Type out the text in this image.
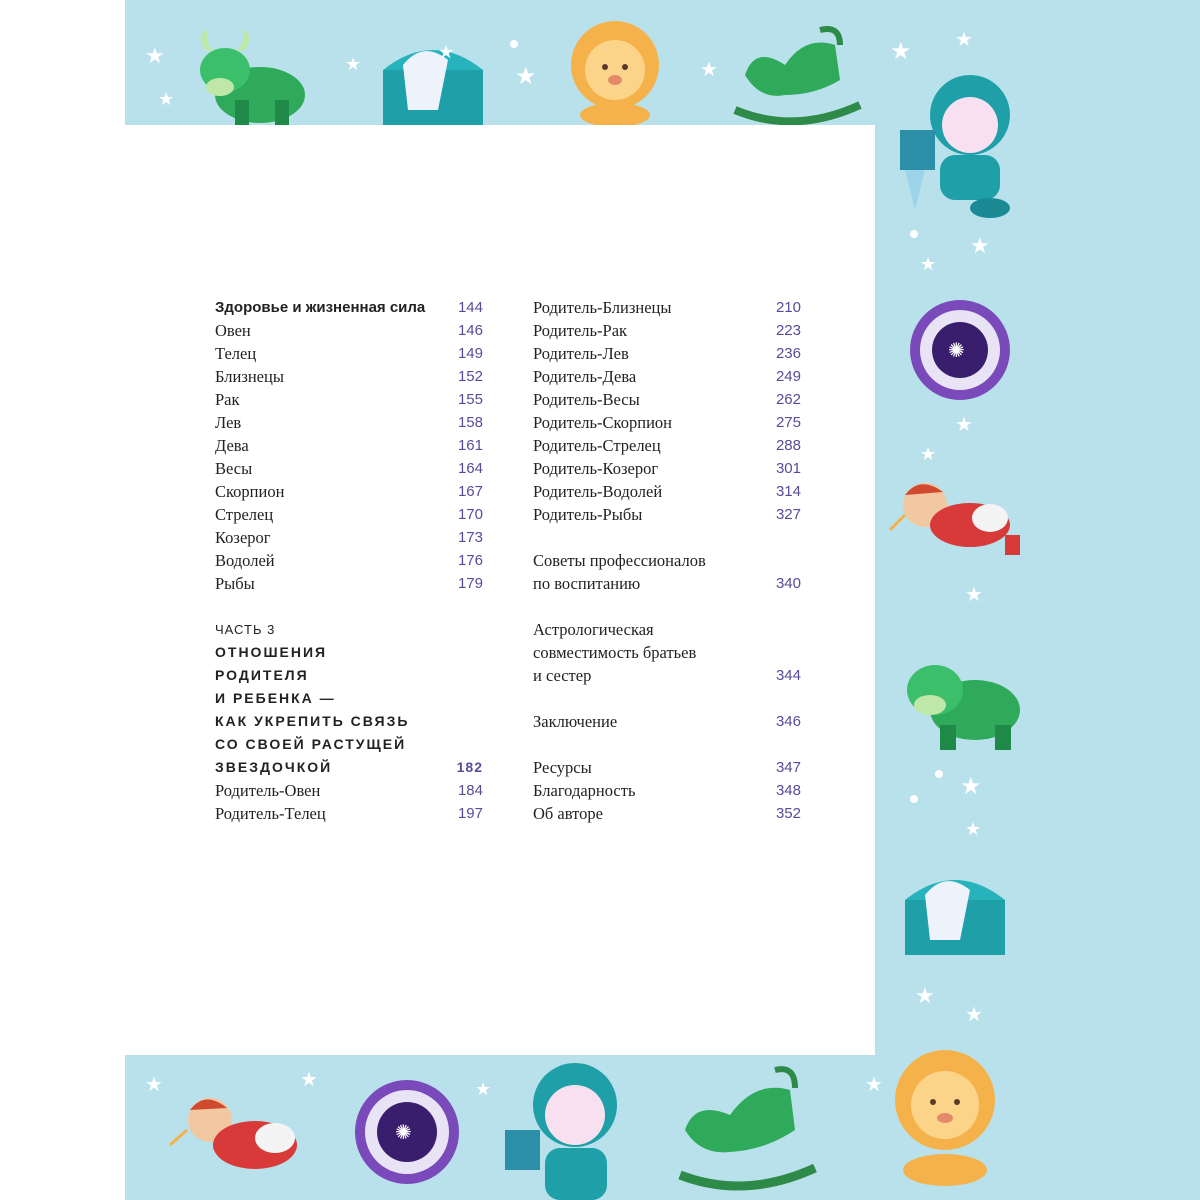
★
✺
✺
★
★
★	★	★
★ ★
★
★
★
★
★
★
★
★
★
★	★	★	★
Здоровье и жизненная сила 144
Овен	146
Телец	149
Близнецы	152
Рак	155
Лев	158
Дева	161
Весы	164
Скорпион	167
Стрелец	170
Козерог	173
Водолей	176
Рыбы	179
ЧАСТЬ 3
ОТНОШЕНИЯ
РОДИТЕЛЯ
И РЕБЕНКА —
КАК УКРЕПИТЬ СВЯЗЬ
СО СВОЕЙ РАСТУЩЕЙ
ЗВЕЗДОЧКОЙ	182
Родитель-Овен	184
Родитель-Телец	197
Родитель-Близнецы	210
Родитель-Рак	223
Родитель-Лев	236
Родитель-Дева	249
Родитель-Весы	262
Родитель-Скорпион	275
Родитель-Стрелец	288
Родитель-Козерог	301
Родитель-Водолей	314
Родитель-Рыбы	327
Советы профессионалов
по воспитанию	340
Астрологическая
совместимость братьев
и сестер	344
Заключение	346
Ресурсы	347
Благодарность	348
Об авторе	352
